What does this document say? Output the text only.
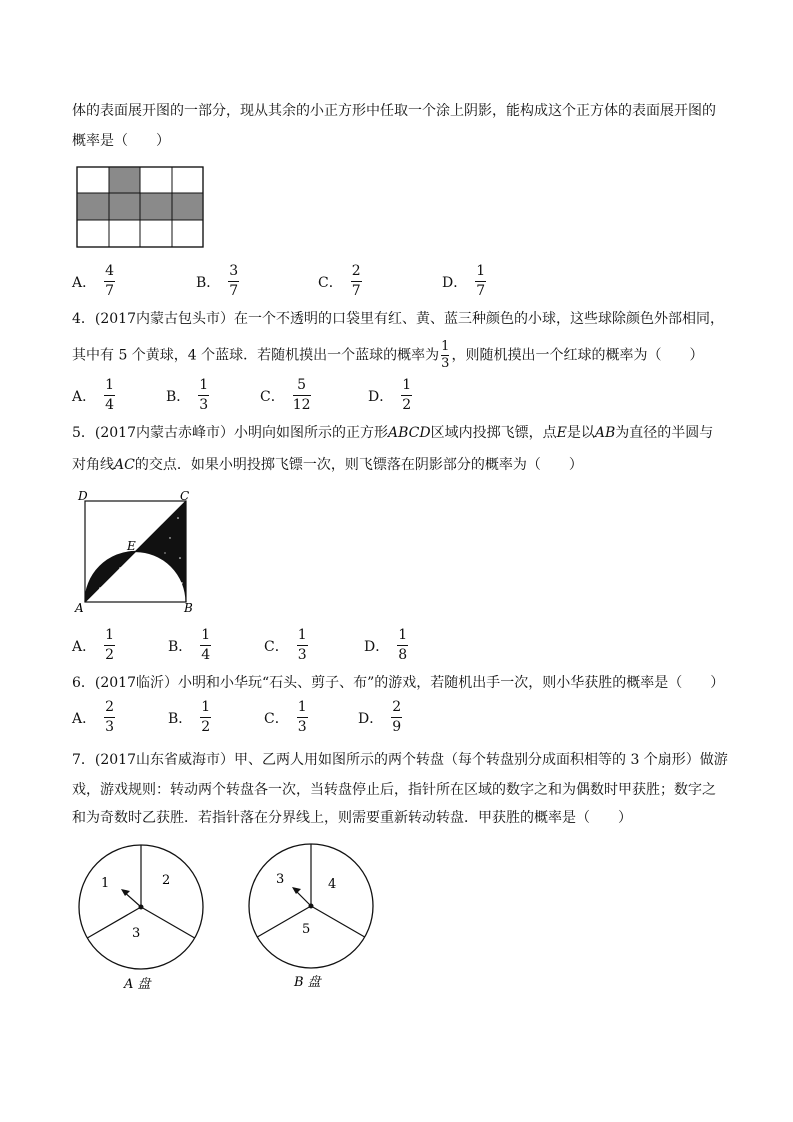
体的表面展开图的一部分，现从其余的小正方形中任取一个涂上阴影，能构成这个正方体的表面展开图的
概率是（　　）
A． $\frac{4}{7}$	B． $\frac{3}{7}$	C． $\frac{2}{7}$	D． $\frac{1}{7}$
4．(2017内蒙古包头市）在一个不透明的口袋里有红、黄、蓝三种颜色的小球，这些球除颜色外部相同，
其中有 5 个黄球，4 个蓝球．若随机摸出一个蓝球的概率为 $\frac{1}{3}$ ，则随机摸出一个红球的概率为（　　）
A． $\frac{1}{4}$	B． $\frac{1}{3}$	C． $\frac{5}{12}$	D． $\frac{1}{2}$
5．(2017内蒙古赤峰市）小明向如图所示的正方形ABCD区域内投掷飞镖，点E是以AB为直径的半圆与
对角线AC的交点．如果小明投掷飞镖一次，则飞镖落在阴影部分的概率为（　　）
D	C
E
A	B
A． $\frac{1}{2}$	B． $\frac{1}{4}$	C． $\frac{1}{3}$	D． $\frac{1}{8}$
6．(2017临沂）小明和小华玩“石头、剪子、布”的游戏，若随机出手一次，则小华获胜的概率是（　　）
A． $\frac{2}{3}$	B． $\frac{1}{2}$	C． $\frac{1}{3}$	D． $\frac{2}{9}$
7．(2017山东省威海市）甲、乙两人用如图所示的两个转盘（每个转盘别分成面积相等的 3 个扇形）做游
戏，游戏规则：转动两个转盘各一次，当转盘停止后，指针所在区域的数字之和为偶数时甲获胜；数字之
和为奇数时乙获胜．若指针落在分界线上，则需要重新转动转盘．甲获胜的概率是（　　）
1	2
3
A 盘
3	4
5
B 盘
